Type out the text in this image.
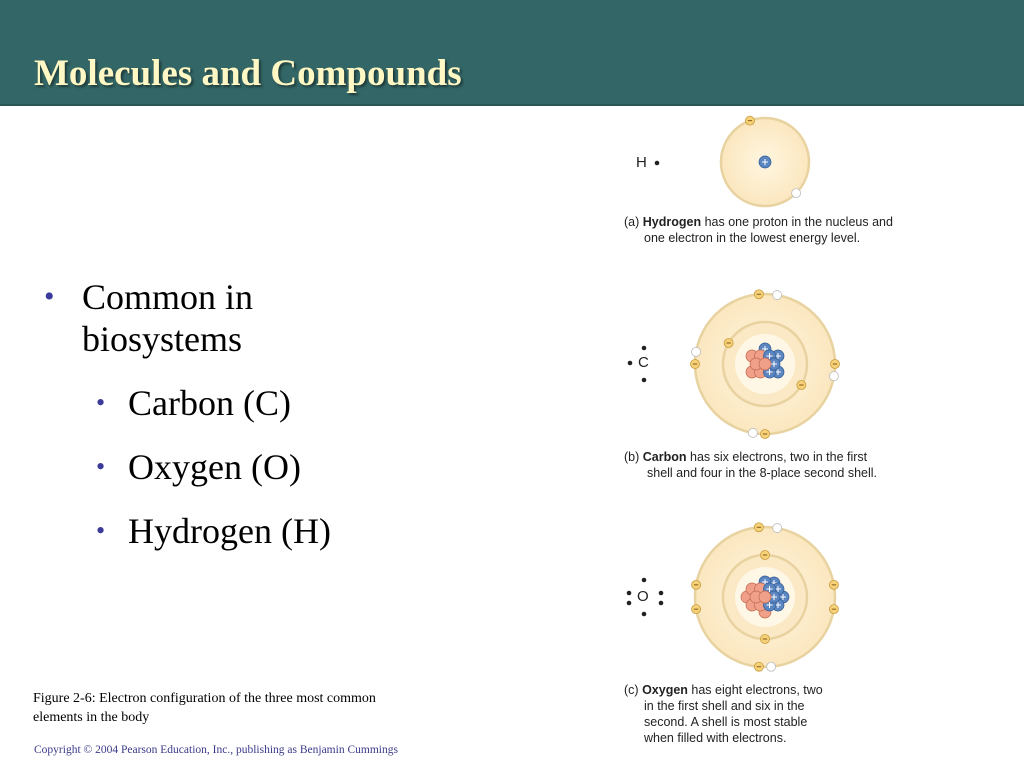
Molecules and Compounds
• Common in biosystems
• Carbon (C)
• Oxygen (O)
• Hydrogen (H)
H
(a) Hydrogen has one proton in the nucleus and
one electron in the lowest energy level.
C
(b) Carbon has six electrons, two in the first
shell and four in the 8-place second shell.
O
(c) Oxygen has eight electrons, two
in the first shell and six in the
second. A shell is most stable
when filled with electrons.
Figure 2-6: Electron configuration of the three most common elements in the body
Copyright © 2004 Pearson Education, Inc., publishing as Benjamin Cummings
